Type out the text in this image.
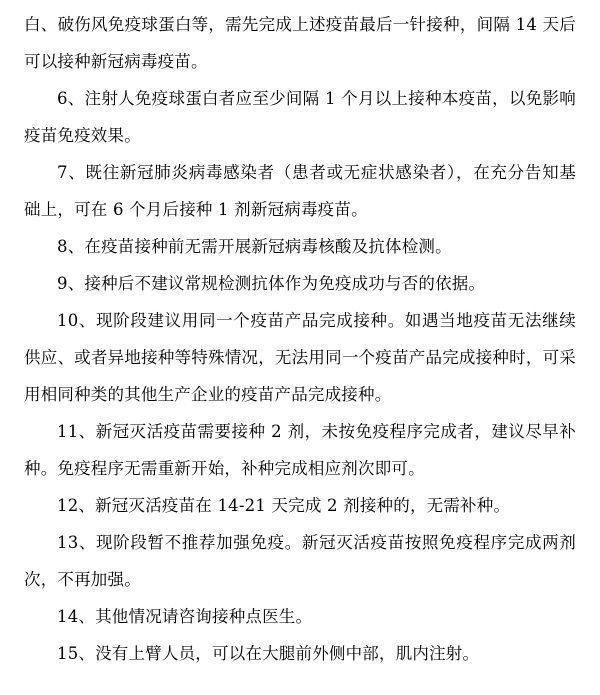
白、破伤风免疫球蛋白等，需先完成上述疫苗最后一针接种，间隔 14 天后可以接种新冠病毒疫苗。

6、注射人免疫球蛋白者应至少间隔 1 个月以上接种本疫苗，以免影响疫苗免疫效果。

7、既往新冠肺炎病毒感染者（患者或无症状感染者），在充分告知基础上，可在 6 个月后接种 1 剂新冠病毒疫苗。

8、在疫苗接种前无需开展新冠病毒核酸及抗体检测。

9、接种后不建议常规检测抗体作为免疫成功与否的依据。

10、现阶段建议用同一个疫苗产品完成接种。如遇当地疫苗无法继续供应、或者异地接种等特殊情况，无法用同一个疫苗产品完成接种时，可采用相同种类的其他生产企业的疫苗产品完成接种。

11、新冠灭活疫苗需要接种 2 剂，未按免疫程序完成者，建议尽早补种。免疫程序无需重新开始，补种完成相应剂次即可。

12、新冠灭活疫苗在 14-21 天完成 2 剂接种的，无需补种。

13、现阶段暂不推荐加强免疫。新冠灭活疫苗按照免疫程序完成两剂次，不再加强。

14、其他情况请咨询接种点医生。

15、没有上臂人员，可以在大腿前外侧中部，肌内注射。
